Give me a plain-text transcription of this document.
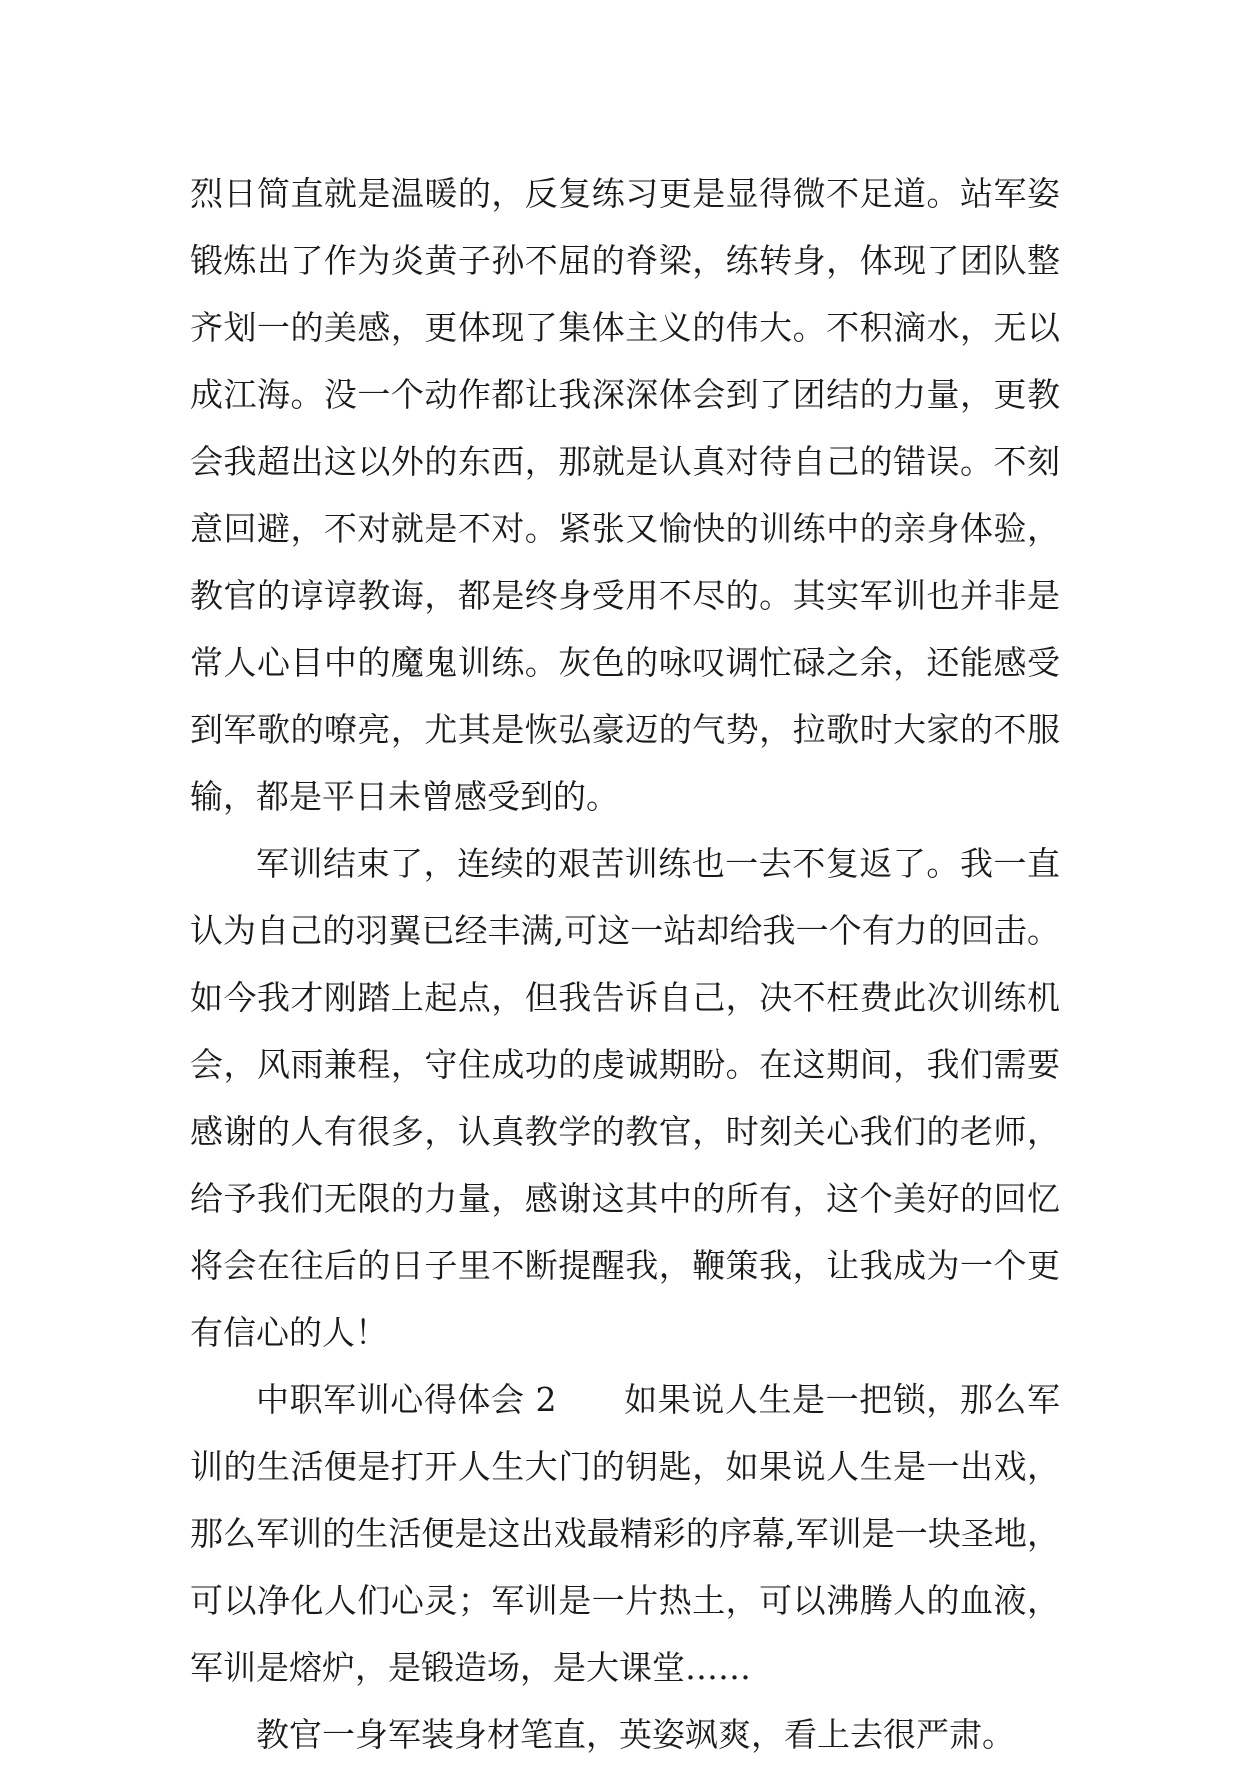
烈日简直就是温暖的，反复练习更是显得微不足道。站军姿
锻炼出了作为炎黄子孙不屈的脊梁，练转身，体现了团队整
齐划一的美感，更体现了集体主义的伟大。不积滴水，无以
成江海。没一个动作都让我深深体会到了团结的力量，更教
会我超出这以外的东西，那就是认真对待自己的错误。不刻
意回避，不对就是不对。紧张又愉快的训练中的亲身体验，
教官的谆谆教诲，都是终身受用不尽的。其实军训也并非是
常人心目中的魔鬼训练。灰色的咏叹调忙碌之余，还能感受
到军歌的嘹亮，尤其是恢弘豪迈的气势，拉歌时大家的不服
输，都是平日未曾感受到的。
军训结束了，连续的艰苦训练也一去不复返了。我一直
认为自己的羽翼已经丰满,可这一站却给我一个有力的回击。
如今我才刚踏上起点，但我告诉自己，决不枉费此次训练机
会，风雨兼程，守住成功的虔诚期盼。在这期间，我们需要
感谢的人有很多，认真教学的教官，时刻关心我们的老师，
给予我们无限的力量，感谢这其中的所有，这个美好的回忆
将会在往后的日子里不断提醒我，鞭策我，让我成为一个更
有信心的人！
中职军训心得体会 2　　如果说人生是一把锁，那么军
训的生活便是打开人生大门的钥匙，如果说人生是一出戏，
那么军训的生活便是这出戏最精彩的序幕,军训是一块圣地，
可以净化人们心灵；军训是一片热土，可以沸腾人的血液，
军训是熔炉，是锻造场，是大课堂……
教官一身军装身材笔直，英姿飒爽，看上去很严肃。
